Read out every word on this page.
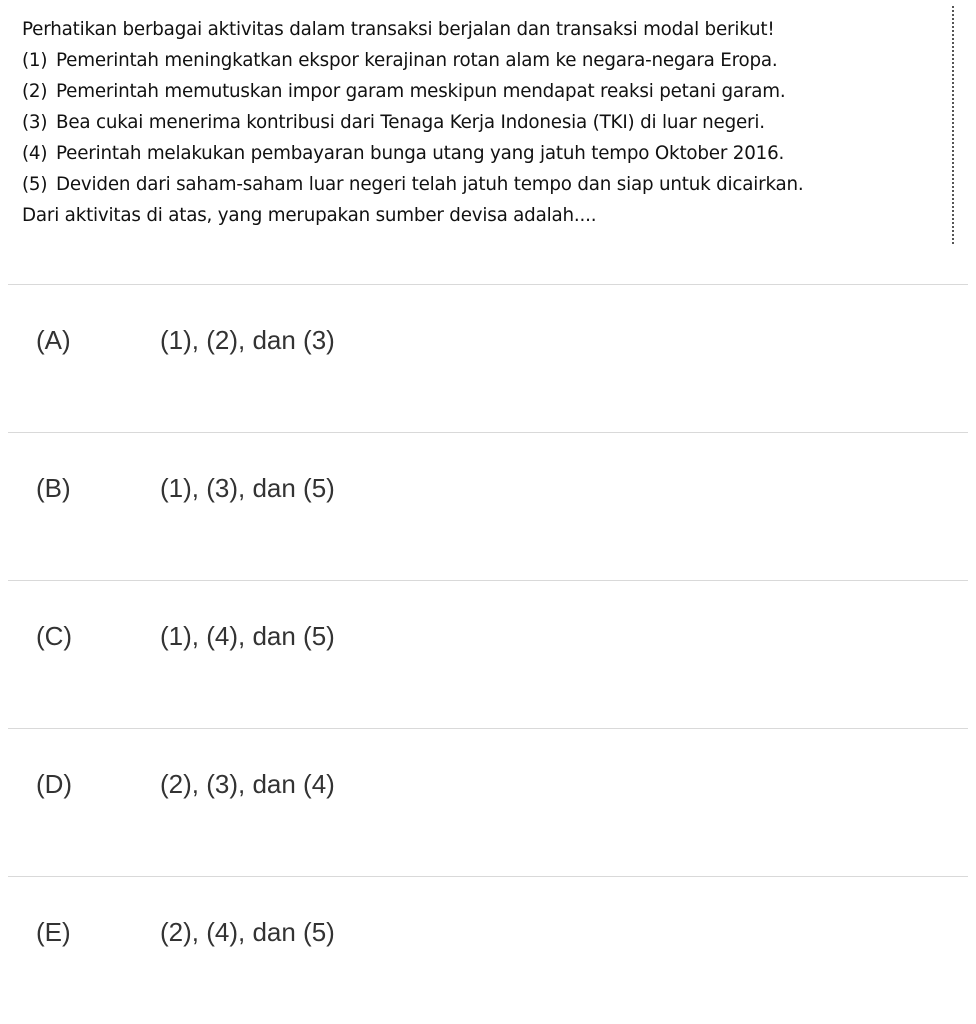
Perhatikan berbagai aktivitas dalam transaksi berjalan dan transaksi modal berikut!
(1) Pemerintah meningkatkan ekspor kerajinan rotan alam ke negara-negara Eropa.
(2) Pemerintah memutuskan impor garam meskipun mendapat reaksi petani garam.
(3) Bea cukai menerima kontribusi dari Tenaga Kerja Indonesia (TKI) di luar negeri.
(4) Peerintah melakukan pembayaran bunga utang yang jatuh tempo Oktober 2016.
(5) Deviden dari saham-saham luar negeri telah jatuh tempo dan siap untuk dicairkan.
Dari aktivitas di atas, yang merupakan sumber devisa adalah....
(A)	(1), (2), dan (3)
(B)	(1), (3), dan (5)
(C)	(1), (4), dan (5)
(D)	(2), (3), dan (4)
(E)	(2), (4), dan (5)
